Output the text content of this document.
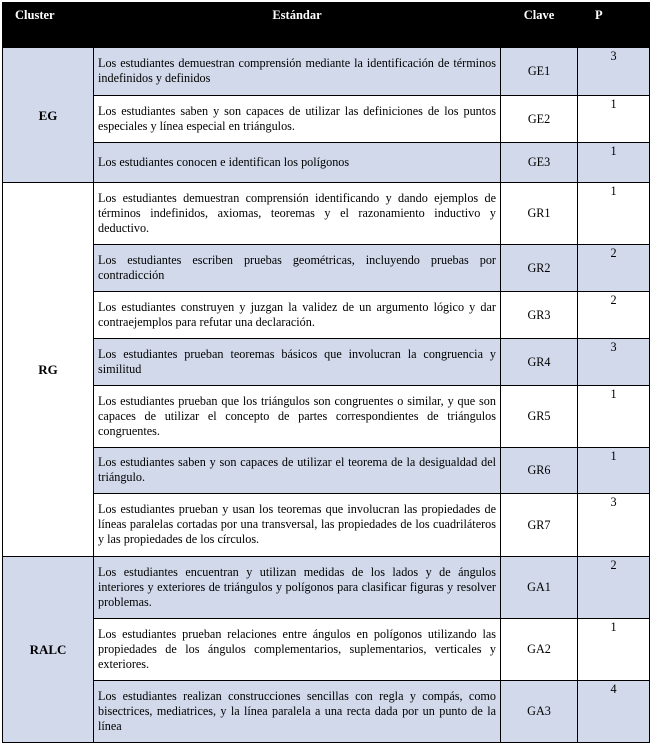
Cluster	Estándar	Clave	P
EG	Los estudiantes demuestran comprensión mediante la identificación de términos indefinidos y definidos	GE1	3
	Los estudiantes saben y son capaces de utilizar las definiciones de los puntos especiales y línea especial en triángulos.	GE2	1
	Los estudiantes conocen e identifican los polígonos	GE3	1
RG	Los estudiantes demuestran comprensión identificando y dando ejemplos de términos indefinidos, axiomas, teoremas y el razonamiento inductivo y deductivo.	GR1	1
	Los estudiantes escriben pruebas geométricas, incluyendo pruebas por contradicción	GR2	2
	Los estudiantes construyen y juzgan la validez de un argumento lógico y dar contraejemplos para refutar una declaración.	GR3	2
	Los estudiantes prueban teoremas básicos que involucran la congruencia y similitud	GR4	3
	Los estudiantes prueban que los triángulos son congruentes o similar, y que son capaces de utilizar el concepto de partes correspondientes de triángulos congruentes.	GR5	1
	Los estudiantes saben y son capaces de utilizar el teorema de la desigualdad del triángulo.	GR6	1
	Los estudiantes prueban y usan los teoremas que involucran las propiedades de líneas paralelas cortadas por una transversal, las propiedades de los cuadriláteros y las propiedades de los círculos.	GR7	3
RALC	Los estudiantes encuentran y utilizan medidas de los lados y de ángulos interiores y exteriores de triángulos y polígonos para clasificar figuras y resolver problemas.	GA1	2
	Los estudiantes prueban relaciones entre ángulos en polígonos utilizando las propiedades de los ángulos complementarios, suplementarios, verticales y exteriores.	GA2	1
	Los estudiantes realizan construcciones sencillas con regla y compás, como bisectrices, mediatrices, y la línea paralela a una recta dada por un punto de la línea	GA3	4
